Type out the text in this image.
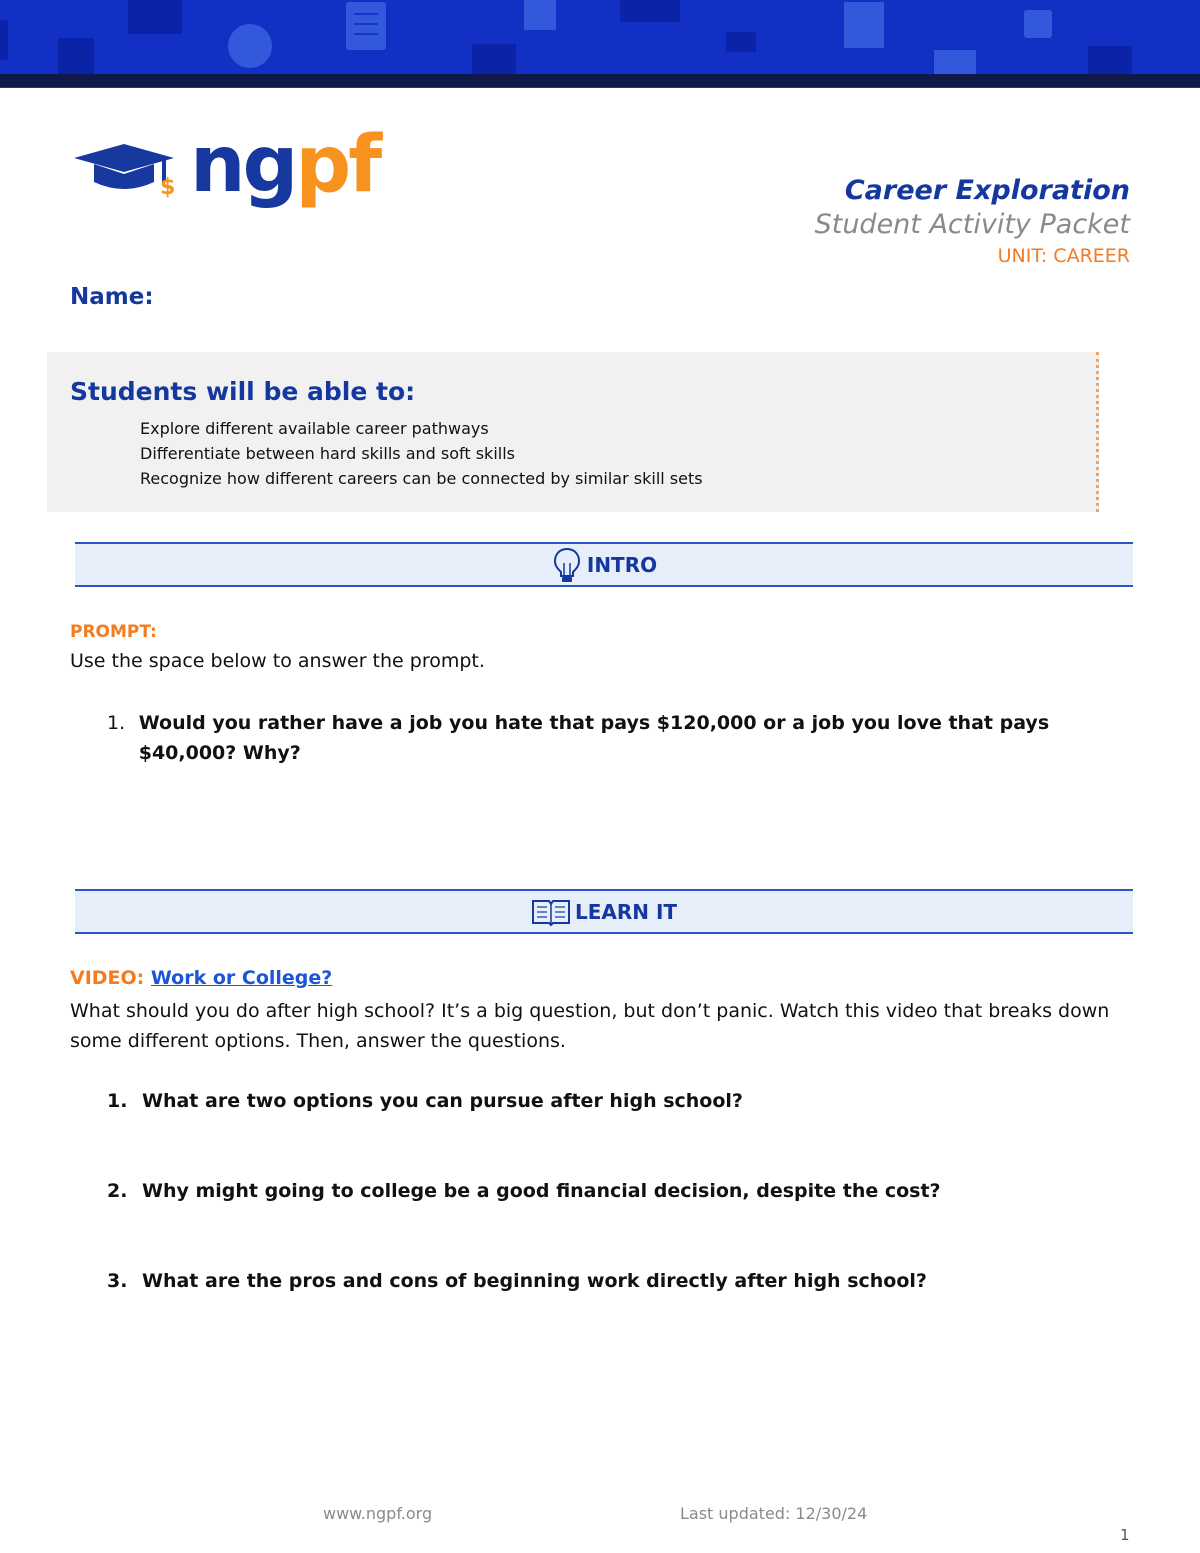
$ ngpf	Career Exploration
Student Activity Packet
UNIT: CAREER
Name:
Students will be able to:
Explore different available career pathways
Differentiate between hard skills and soft skills
Recognize how different careers can be connected by similar skill sets
INTRO
PROMPT:
Use the space below to answer the prompt.
1. Would you rather have a job you hate that pays $120,000 or a job you love that pays $40,000? Why?
LEARN IT
VIDEO: Work or College?
What should you do after high school? It’s a big question, but don’t panic. Watch this video that breaks down some different options. Then, answer the questions.
1. What are two options you can pursue after high school?
2. Why might going to college be a good financial decision, despite the cost?
3. What are the pros and cons of beginning work directly after high school?
www.ngpf.org	Last updated: 12/30/24
1
